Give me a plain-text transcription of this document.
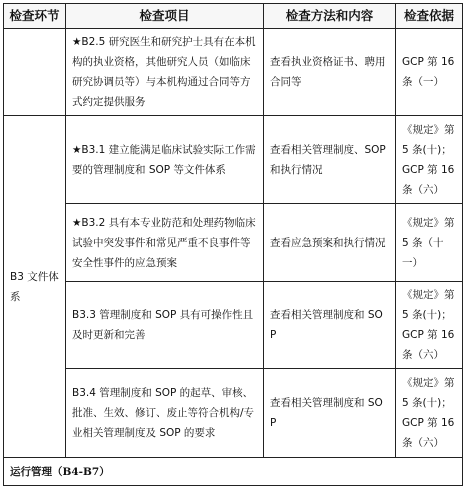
检查环节	检查项目	检查方法和内容	检查依据
	★B2.5 研究医生和研究护士具有在本机构的执业资格，其他研究人员（如临床研究协调员等）与本机构通过合同等方式约定提供服务	查看执业资格证书、聘用合同等	GCP 第 16 条（一）
B3 文件体系	★B3.1 建立能满足临床试验实际工作需要的管理制度和 SOP 等文件体系	查看相关管理制度、SOP 和执行情况	《规定》第 5 条(十)；GCP 第 16 条（六）
	★B3.2 具有本专业防范和处理药物临床试验中突发事件和常见严重不良事件等安全性事件的应急预案	查看应急预案和执行情况	《规定》第 5 条（十一）
	B3.3 管理制度和 SOP 具有可操作性且及时更新和完善	查看相关管理制度和 SOP	《规定》第 5 条(十)；GCP 第 16 条（六）
	B3.4 管理制度和 SOP 的起草、审核、批准、生效、修订、废止等符合机构/专业相关管理制度及 SOP 的要求	查看相关管理制度和 SOP	《规定》第 5 条(十)；GCP 第 16 条（六）
运行管理（B4-B7）			
